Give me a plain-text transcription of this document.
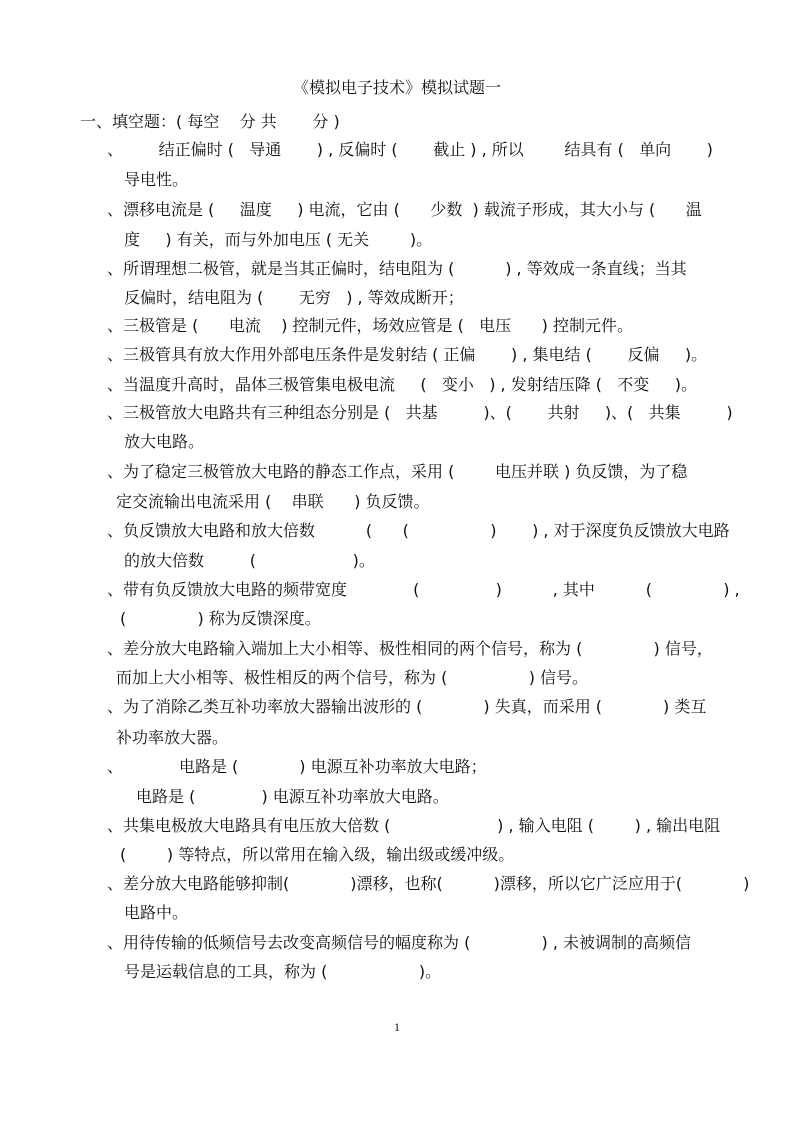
《模拟电子技术》模拟试题一
一、填空题：( 每空    分 共       分 )
、       结正偏时 (   导通       ) , 反偏时 (       截止 ) , 所以        结具有 (   单向       )
导电性。
、漂移电流是 (     温度     ) 电流，它由 (      少数  ) 载流子形成，其大小与 (      温
度     ) 有关，而与外加电压 ( 无关        )。
、所谓理想二极管，就是当其正偏时，结电阻为 (          ) , 等效成一条直线；当其
反偏时，结电阻为 (       无穷   ) , 等效成断开；
、三极管是 (      电流    ) 控制元件，场效应管是 (   电压      ) 控制元件。
、三极管具有放大作用外部电压条件是发射结 ( 正偏       ) , 集电结 (       反偏     )。
、当温度升高时，晶体三极管集电极电流     (   变小   ) , 发射结压降 (   不变     )。
、三极管放大电路共有三种组态分别是 (   共基         )、(       共射     )、(   共集         )
放大电路。
、为了稳定三极管放大电路的静态工作点，采用 (        电压并联 ) 负反馈，为了稳
定交流输出电流采用 (    串联      ) 负反馈。
、负反馈放大电路和放大倍数          (      (                )       ) , 对于深度负反馈放大电路
的放大倍数         (                   )。
、带有负反馈放大电路的频带宽度             (               )          , 其中          (              ) ,
(              ) 称为反馈深度。
、差分放大电路输入端加上大小相等、极性相同的两个信号，称为 (              ) 信号，
而加上大小相等、极性相反的两个信号，称为 (                ) 信号。
、为了消除乙类互补功率放大器输出波形的 (            ) 失真，而采用 (            ) 类互
补功率放大器。
、           电路是 (            ) 电源互补功率放大电路；
电路是 (             ) 电源互补功率放大电路。
、共集电极放大电路具有电压放大倍数 (                     ) , 输入电阻 (        ) , 输出电阻
(        ) 等特点，所以常用在输入级，输出级或缓冲级。
、差分放大电路能够抑制(            )漂移，也称(          )漂移，所以它广泛应用于(            )
电路中。
、用待传输的低频信号去改变高频信号的幅度称为 (              ) , 未被调制的高频信
号是运载信息的工具，称为 (                  )。
1
